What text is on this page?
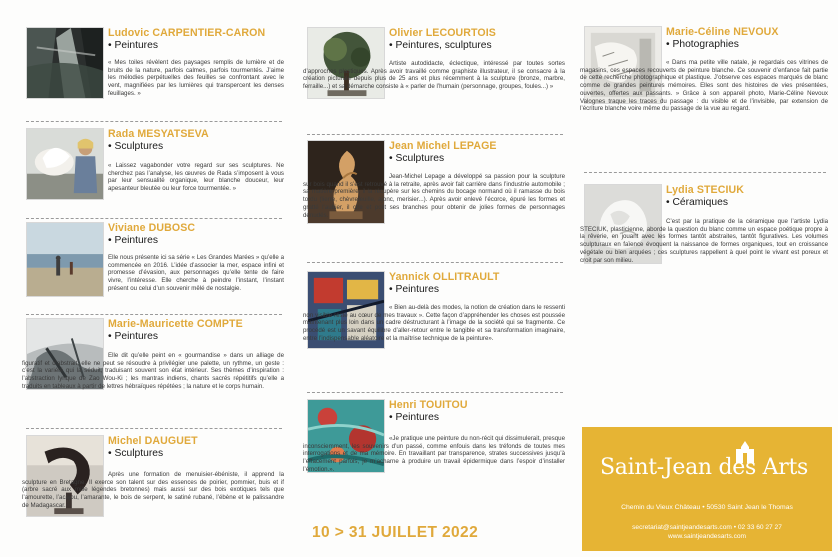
Ludovic CARPENTIER-CARON
• Peintures
« Mes toiles révèlent des paysages remplis de lumière et de bruits de la nature, parfois calmes, parfois tourmentés. J’aime les mélodies perpétuelles des feuilles se confrontant avec le vent, magnifiées par les lumières qui transpercent les denses feuillages. »
Rada MESYATSEVA
• Sculptures
« Laissez vagabonder votre regard sur ses sculptures. Ne cherchez pas l’analyse, les œuvres de Rada s’imposent à vous par leur sensualité organique, leur blanche douceur, leur apesanteur bleutée ou leur force tourmentée. »
Viviane DUBOSC
• Peintures
Elle nous présente ici sa série « Les Grandes Marées » qu’elle a commencée en 2016. L’idée d’associer la mer, espace infini et promesse d’évasion, aux personnages qu’elle tente de faire vivre, l’intéresse. Elle cherche à peindre l’instant, l’instant présent ou celui d’un souvenir mêlé de nostalgie.
Marie-Mauricette COMPTE
• Peintures
Elle dit qu’elle peint en « gourmandise » dans un alliage de figuratif et d’abstrait, elle ne peut se résoudre à privilégier une palette, un rythme, un geste : c’est la variété qui la séduit, traduisant souvent son état intérieur. Ses thèmes d’inspiration : l’abstraction lyrique de Zao Wou-Ki ; les mantras indiens, chants sacrés répétitifs qu’elle a traduits en tableaux à partir de lettres hébraïques répétées ; la nature et le corps humain.
Michel DAUGUET
• Sculptures
Après une formation de menuisier-ébéniste, il apprend la sculpture en Bretagne. Il exerce son talent sur des essences de poirier, pommier, buis et if (arbre sacré aux mille légendes bretonnes) mais aussi sur des bois exotiques tels que l’amourette, l’acajou, l’amarante, le bois de serpent, le satiné rubané, l’ébène et le palissandre de Madagascar.
Olivier LECOURTOIS
• Peintures, sculptures
Artiste autodidacte, éclectique, intéressé par toutes sortes d’approches plastiques. Après avoir travaillé comme graphiste illustrateur, il se consacre à la création picturale depuis plus de 25 ans et plus récemment à la sculpture (bronze, marbre, ferraille...) et sa démarche consiste à « parler de l’humain (personnage, groupes, foules...) »
Jean Michel LEPAGE
• Sculptures
Jean-Michel Lepage a développé sa passion pour la sculpture sur bois quand il s’est retrouvé à la retraite, après avoir fait carrière dans l’industrie automobile ; sa matière première, il la récupère sur les chemins du bocage normand où il ramasse du bois tordu (lierre, chèvrefeuille, ajonc, merisier...). Après avoir enlevé l’écorce, épuré les formes et gratté l’aubier, il cire et polit ses branches pour obtenir de jolies formes de personnages dénudés.
Yannick OLLITRAULT
• Peintures
« Bien au-delà des modes, la notion de création dans le ressenti non visible reste au cœur de mes travaux ». Cette façon d’appréhender les choses est poussée maintenant plus loin dans un cadre déstructurant à l’image de la société qui se fragmente. Ce procédé est un savant équilibre d’aller-retour entre le tangible et sa transformation imaginaire, entre l’indispensable aléatoire et la maîtrise technique de la peinture».
Henri TOUITOU
• Peintures
«Je pratique une peinture du non-récit qui dissimulerait, presque inconsciemment, les souvenirs d’un passé, comme enfouis dans les tréfonds de toutes mes interrogations et de ma mémoire. En travaillant par transparence, strates successives jusqu’à l’effacement parfois, je m’acharne à produire un travail épidermique dans l’espoir d’installer l’émotion.».
Marie-Céline NEVOUX
• Photographies
« Dans ma petite ville natale, je regardais ces vitrines de magasins, ces espaces recouverts de peinture blanche. Ce souvenir d’enfance fait partie de cette recherche photographique et plastique. J’observe ces espaces marqués de blanc comme de grandes peintures mémoires. Elles sont des histoires de vies présentées, ouvertes, offertes aux passants. » Grâce à son appareil photo, Marie-Céline Nevoux Valognes traque les traces du passage : du visible et de l’invisible, par extension de l’écriture blanche voire même du passage de la vue au regard.
Lydia STECIUK
• Céramiques
C’est par la pratique de la céramique que l’artiste Lydia STECIUK, plasticienne, aborde la question du blanc comme un espace poétique propre à la rêverie, en jouant avec les formes tantôt abstraites, tantôt figuratives. Les volumes sculpturaux en faïence évoquent la naissance de formes organiques, tout en croissance végétale ou bien arquées ; ces sculptures rappellent à quel point le vivant est poreux et croit par son milieu.
10 > 31 JUILLET 2022
Saint-Jean des Arts
Chemin du Vieux Château • 50530 Saint Jean le Thomas
secretariat@saintjeandesarts.com • 02 33 60 27 27
www.saintjeandesarts.com
